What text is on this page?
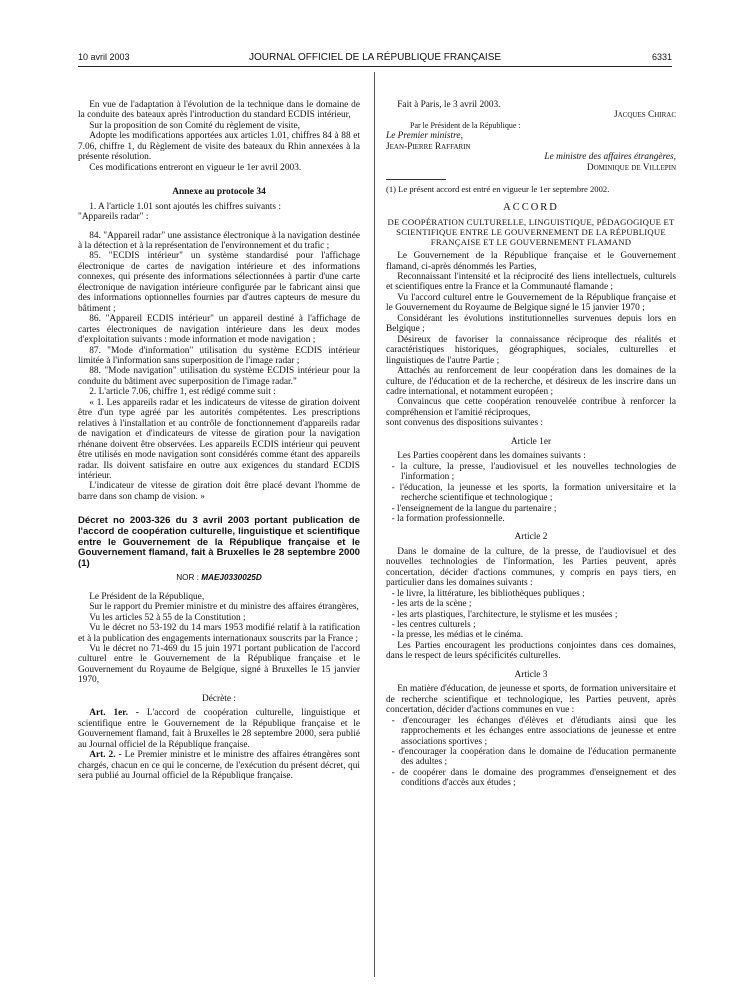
10 avril 2003	JOURNAL OFFICIEL DE LA RÉPUBLIQUE FRANÇAISE	6331

En vue de l'adaptation à l'évolution de la technique dans le domaine de la conduite des bateaux après l'introduction du standard ECDIS intérieur,

Sur la proposition de son Comité du règlement de visite,

Adopte les modifications apportées aux articles 1.01, chiffres 84 à 88 et 7.06, chiffre 1, du Règlement de visite des bateaux du Rhin annexées à la présente résolution.

Ces modifications entreront en vigueur le 1er avril 2003.

Annexe au protocole 34

1. A l'article 1.01 sont ajoutés les chiffres suivants :

"Appareils radar" :

84. "Appareil radar" une assistance électronique à la navigation destinée à la détection et à la représentation de l'environnement et du trafic ;

85. "ECDIS intérieur" un système standardisé pour l'affichage électronique de cartes de navigation intérieure et des informations connexes, qui présente des informations sélectionnées à partir d'une carte électronique de navigation intérieure configurée par le fabricant ainsi que des informations optionnelles fournies par d'autres capteurs de mesure du bâtiment ;

86. "Appareil ECDIS intérieur" un appareil destiné à l'affichage de cartes électroniques de navigation intérieure dans les deux modes d'exploitation suivants : mode information et mode navigation ;

87. "Mode d'information" utilisation du système ECDIS intérieur limitée à l'information sans superposition de l'image radar ;

88. "Mode navigation" utilisation du système ECDIS intérieur pour la conduite du bâtiment avec superposition de l'image radar."

2. L'article 7.06, chiffre 1, est rédigé comme suit :

« 1. Les appareils radar et les indicateurs de vitesse de giration doivent être d'un type agréé par les autorités compétentes. Les prescriptions relatives à l'installation et au contrôle de fonctionnement d'appareils radar de navigation et d'indicateurs de vitesse de giration pour la navigation rhénane doivent être observées. Les appareils ECDIS intérieur qui peuvent être utilisés en mode navigation sont considérés comme étant des appareils radar. Ils doivent satisfaire en outre aux exigences du standard ECDIS intérieur.

L'indicateur de vitesse de giration doit être placé devant l'homme de barre dans son champ de vision. »

Décret no 2003-326 du 3 avril 2003 portant publication de l'accord de coopération culturelle, linguistique et scientifique entre le Gouvernement de la République française et le Gouvernement flamand, fait à Bruxelles le 28 septembre 2000 (1)

NOR : MAEJ0330025D

Le Président de la République,

Sur le rapport du Premier ministre et du ministre des affaires étrangères,

Vu les articles 52 à 55 de la Constitution ;

Vu le décret no 53-192 du 14 mars 1953 modifié relatif à la ratification et à la publication des engagements internationaux souscrits par la France ;

Vu le décret no 71-469 du 15 juin 1971 portant publication de l'accord culturel entre le Gouvernement de la République française et le Gouvernement du Royaume de Belgique, signé à Bruxelles le 15 janvier 1970,

Décrète :

Art. 1er. - L'accord de coopération culturelle, linguistique et scientifique entre le Gouvernement de la République française et le Gouvernement flamand, fait à Bruxelles le 28 septembre 2000, sera publié au Journal officiel de la République française.

Art. 2. - Le Premier ministre et le ministre des affaires étrangères sont chargés, chacun en ce qui le concerne, de l'exécution du présent décret, qui sera publié au Journal officiel de la République française.

Fait à Paris, le 3 avril 2003.

Jacques Chirac

Par le Président de la République :

Le Premier ministre,

Jean-Pierre Raffarin

Le ministre des affaires étrangères,

Dominique de Villepin

(1) Le présent accord est entré en vigueur le 1er septembre 2002.

ACCORD

DE COOPÉRATION CULTURELLE, LINGUISTIQUE, PÉDAGOGIQUE ET SCIENTIFIQUE ENTRE LE GOUVERNEMENT DE LA RÉPUBLIQUE FRANÇAISE ET LE GOUVERNEMENT FLAMAND

Le Gouvernement de la République française et le Gouvernement flamand, ci-après dénommés les Parties,

Reconnaissant l'intensité et la réciprocité des liens intellectuels, culturels et scientifiques entre la France et la Communauté flamande ;

Vu l'accord culturel entre le Gouvernement de la République française et le Gouvernement du Royaume de Belgique signé le 15 janvier 1970 ;

Considérant les évolutions institutionnelles survenues depuis lors en Belgique ;

Désireux de favoriser la connaissance réciproque des réalités et caractéristiques historiques, géographiques, sociales, culturelles et linguistiques de l'autre Partie ;

Attachés au renforcement de leur coopération dans les domaines de la culture, de l'éducation et de la recherche, et désireux de les inscrire dans un cadre international, et notamment européen ;

Convaincus que cette coopération renouvelée contribue à renforcer la compréhension et l'amitié réciproques,

sont convenus des dispositions suivantes :

Article 1er

Les Parties coopèrent dans les domaines suivants :

- la culture, la presse, l'audiovisuel et les nouvelles technologies de l'information ;

- l'éducation, la jeunesse et les sports, la formation universitaire et la recherche scientifique et technologique ;

- l'enseignement de la langue du partenaire ;

- la formation professionnelle.

Article 2

Dans le domaine de la culture, de la presse, de l'audiovisuel et des nouvelles technologies de l'information, les Parties peuvent, après concertation, décider d'actions communes, y compris en pays tiers, en particulier dans les domaines suivants :

- le livre, la littérature, les bibliothèques publiques ;

- les arts de la scène ;

- les arts plastiques, l'architecture, le stylisme et les musées ;

- les centres culturels ;

- la presse, les médias et le cinéma.

Les Parties encouragent les productions conjointes dans ces domaines, dans le respect de leurs spécificités culturelles.

Article 3

En matière d'éducation, de jeunesse et sports, de formation universitaire et de recherche scientifique et technologique, les Parties peuvent, après concertation, décider d'actions communes en vue :

- d'encourager les échanges d'élèves et d'étudiants ainsi que les rapprochements et les échanges entre associations de jeunesse et entre associations sportives ;

- d'encourager la coopération dans le domaine de l'éducation permanente des adultes ;

- de coopérer dans le domaine des programmes d'enseignement et des conditions d'accès aux études ;
